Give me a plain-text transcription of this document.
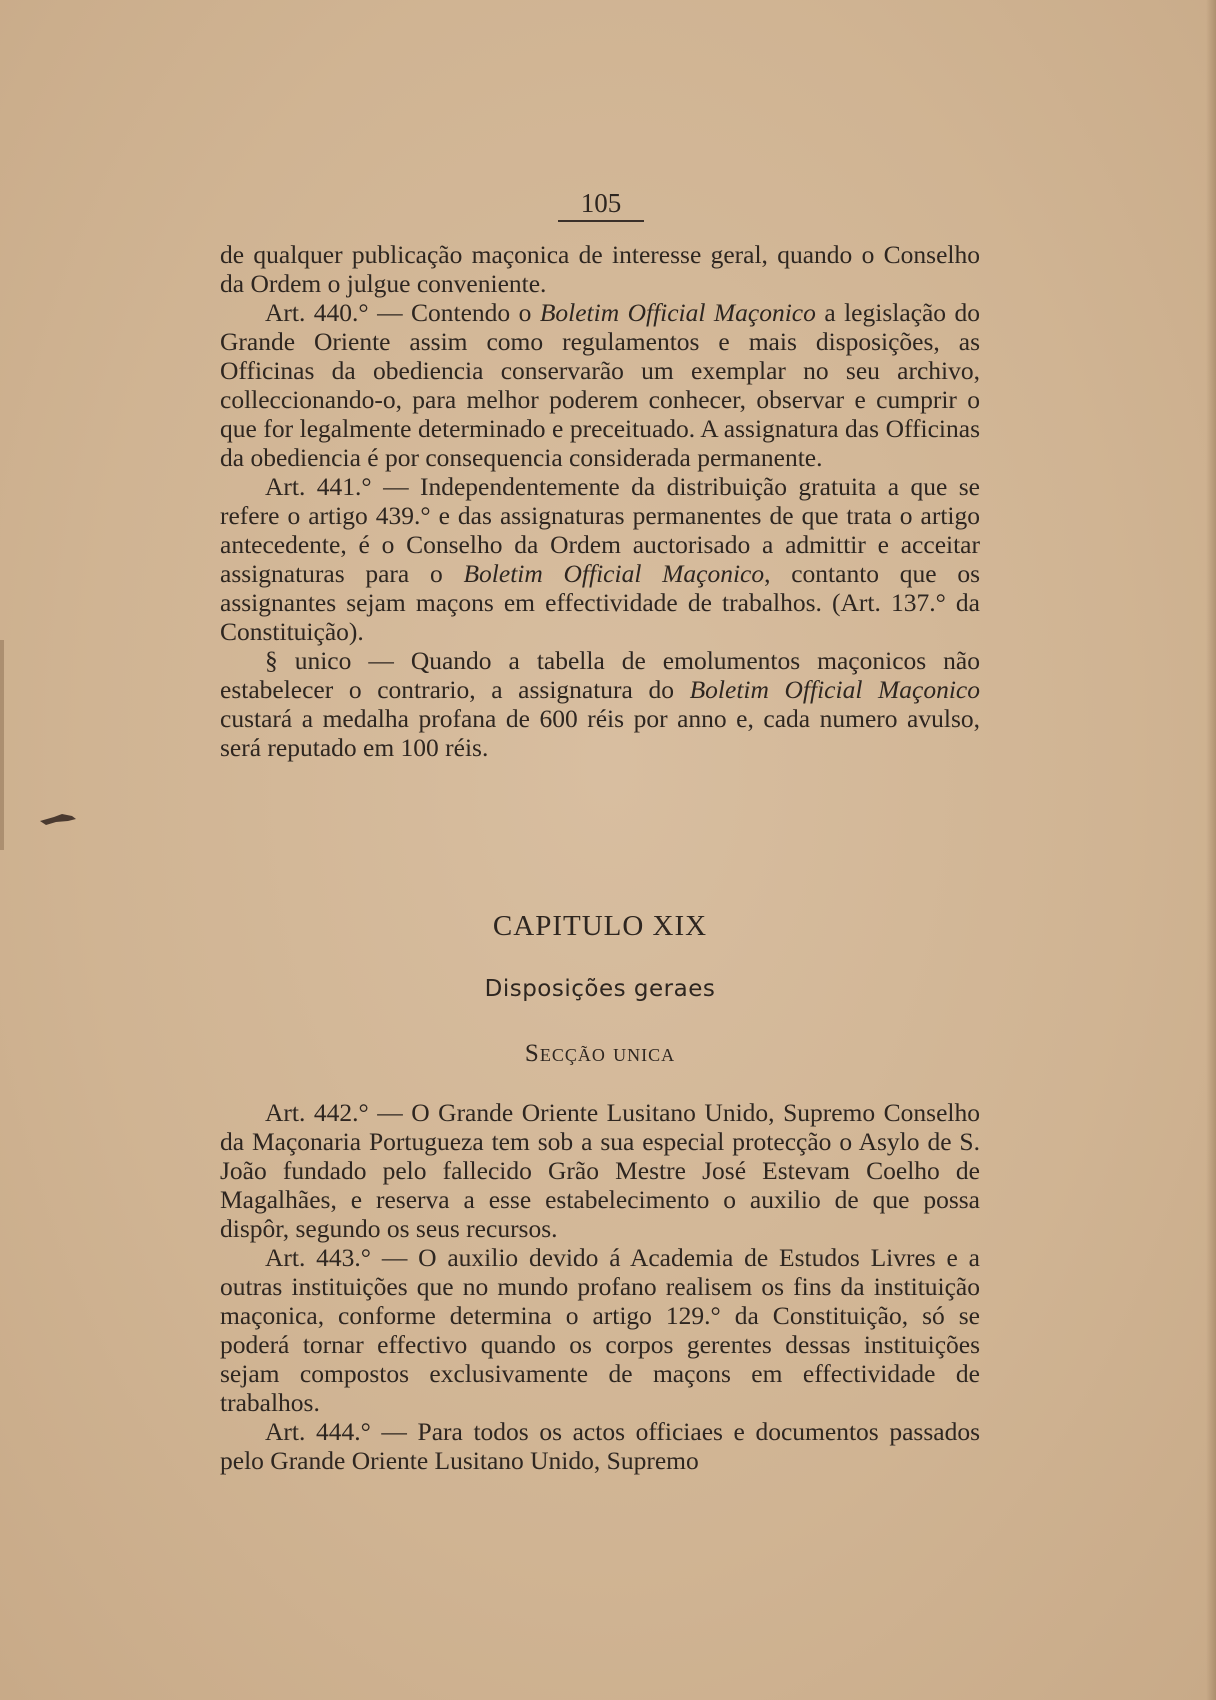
105

de qualquer publicação maçonica de interesse geral, quando o Conselho da Ordem o julgue conveniente.

Art. 440.° — Contendo o Boletim Official Maçonico a legislação do Grande Oriente assim como regulamentos e mais disposições, as Officinas da obediencia conservarão um exemplar no seu archivo, colleccionando-o, para melhor poderem conhecer, observar e cumprir o que for legalmente determinado e preceituado. A assignatura das Officinas da obediencia é por consequencia considerada permanente.

Art. 441.° — Independentemente da distribuição gratuita a que se refere o artigo 439.° e das assignaturas permanentes de que trata o artigo antecedente, é o Conselho da Ordem auctorisado a admittir e acceitar assignaturas para o Boletim Official Maçonico, contanto que os assignantes sejam maçons em effectividade de trabalhos. (Art. 137.° da Constituição).

§ unico — Quando a tabella de emolumentos maçonicos não estabelecer o contrario, a assignatura do Boletim Official Maçonico custará a medalha profana de 600 réis por anno e, cada numero avulso, será reputado em 100 réis.

CAPITULO XIX
Disposições geraes
Secção unica

Art. 442.° — O Grande Oriente Lusitano Unido, Supremo Conselho da Maçonaria Portugueza tem sob a sua especial protecção o Asylo de S. João fundado pelo fallecido Grão Mestre José Estevam Coelho de Magalhães, e reserva a esse estabelecimento o auxilio de que possa dispôr, segundo os seus recursos.

Art. 443.° — O auxilio devido á Academia de Estudos Livres e a outras instituições que no mundo profano realisem os fins da instituição maçonica, conforme determina o artigo 129.° da Constituição, só se poderá tornar effectivo quando os corpos gerentes dessas instituições sejam compostos exclusivamente de maçons em effectividade de trabalhos.

Art. 444.° — Para todos os actos officiaes e documentos passados pelo Grande Oriente Lusitano Unido, Supremo
